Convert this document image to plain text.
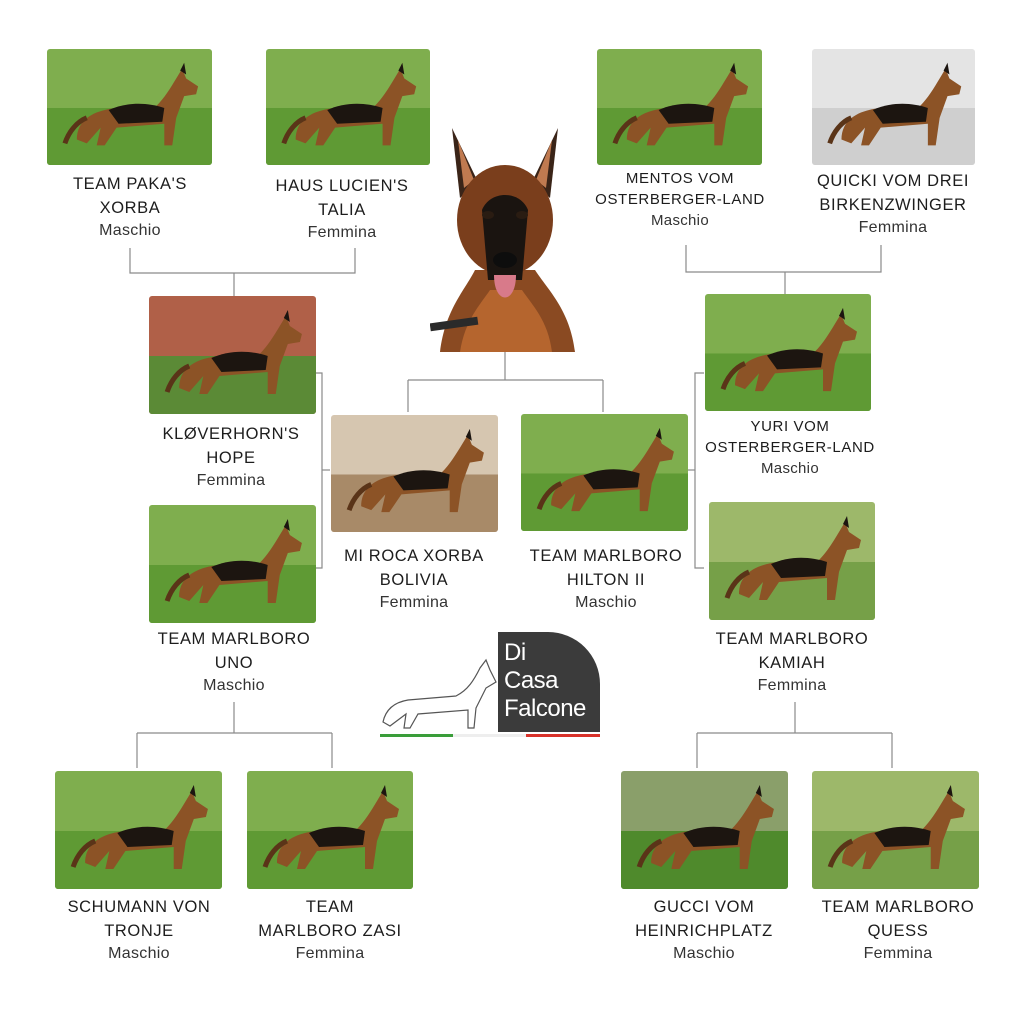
Di
Casa
Falcone
TEAM PAKA'S
XORBA
Maschio
HAUS LUCIEN'S
TALIA
Femmina
MENTOS VOM
OSTERBERGER-LAND
Maschio
QUICKI VOM DREI
BIRKENZWINGER
Femmina
KLØVERHORN'S
HOPE
Femmina
YURI VOM
OSTERBERGER-LAND
Maschio
MI ROCA XORBA
BOLIVIA
Femmina
TEAM MARLBORO
HILTON II
Maschio
TEAM MARLBORO
UNO
Maschio
TEAM MARLBORO
KAMIAH
Femmina
SCHUMANN VON
TRONJE
Maschio
TEAM
MARLBORO ZASI
Femmina
GUCCI VOM
HEINRICHPLATZ
Maschio
TEAM MARLBORO
QUESS
Femmina
